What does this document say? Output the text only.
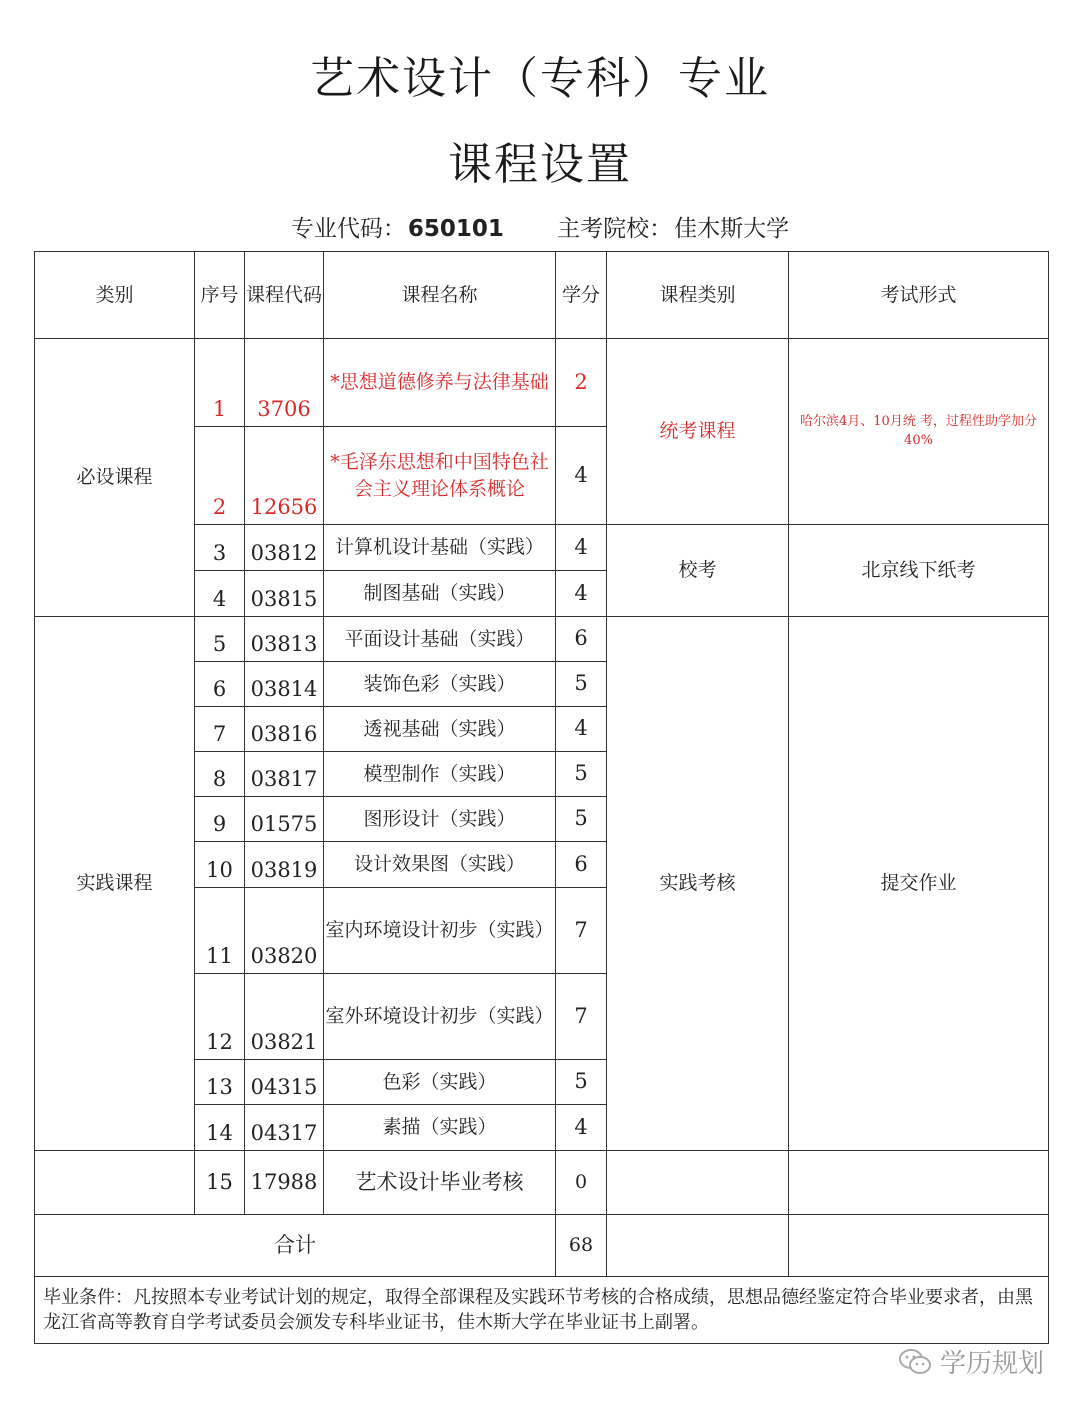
艺术设计（专科）专业
课程设置
专业代码：650101 主考院校：佳木斯大学
类别	序号	课程代码	课程名称	学分	课程类别	考试形式
必设课程	1	3706	*思想道德修养与法律基础	2	统考课程	哈尔滨4月、10月统 考，过程性助学加分40%
	2	12656	*毛泽东思想和中国特色社会主义理论体系概论	4		
	3	03812	计算机设计基础（实践）	4	校考	北京线下纸考
	4	03815	制图基础（实践）	4		
实践课程	5	03813	平面设计基础（实践）	6	实践考核	提交作业
	6	03814	装饰色彩（实践）	5		
	7	03816	透视基础（实践）	4		
	8	03817	模型制作（实践）	5		
	9	01575	图形设计（实践）	5		
	10	03819	设计效果图（实践）	6		
	11	03820	室内环境设计初步（实践）	7		
	12	03821	室外环境设计初步（实践）	7		
	13	04315	色彩（实践）	5		
	14	04317	素描（实践）	4		
	15	17988	艺术设计毕业考核	0		
合计				68		
毕业条件：凡按照本专业考试计划的规定，取得全部课程及实践环节考核的合格成绩，思想品德经鉴定符合毕业要求者，由黑龙江省高等教育自学考试委员会颁发专科毕业证书，佳木斯大学在毕业证书上副署。						
学历规划
